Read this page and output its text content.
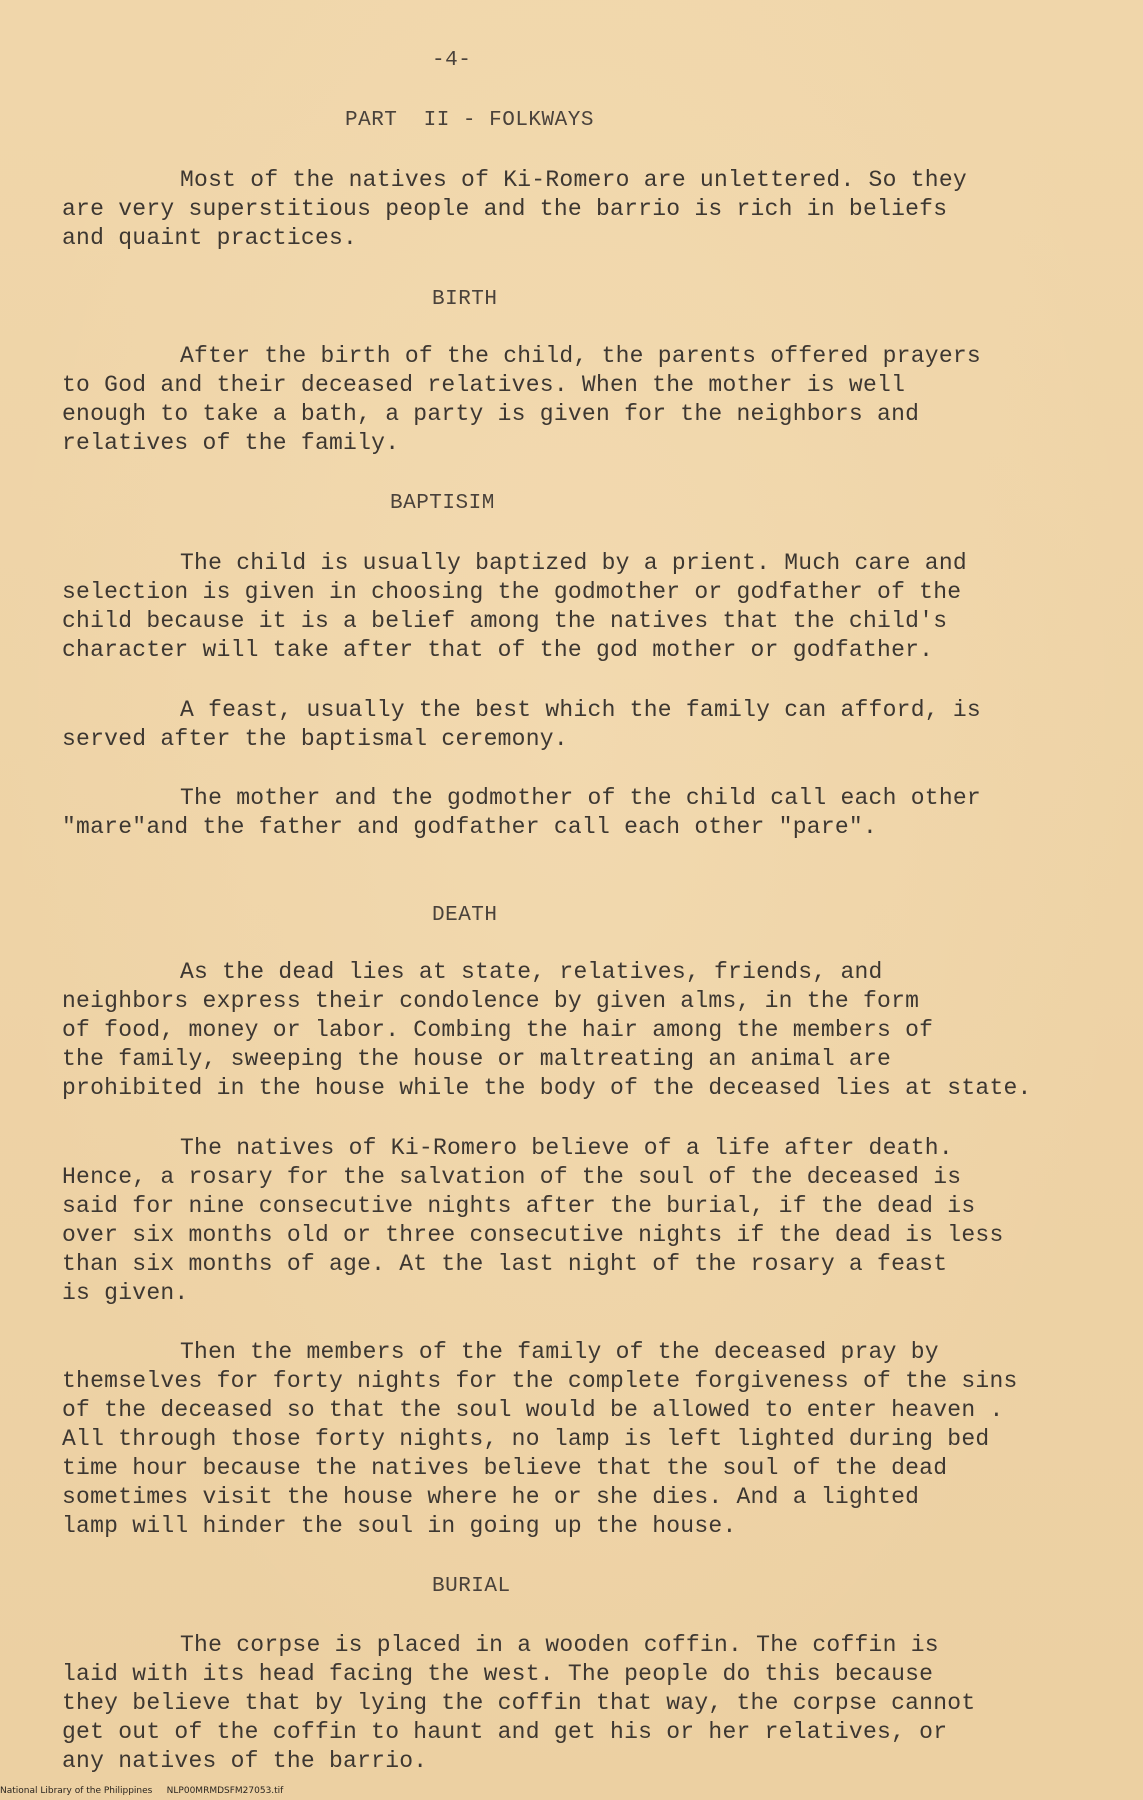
-4-
PART  II - FOLKWAYS
Most of the natives of Ki-Romero are unlettered. So they
are very superstitious people and the barrio is rich in beliefs
and quaint practices.
BIRTH
After the birth of the child, the parents offered prayers
to God and their deceased relatives. When the mother is well
enough to take a bath, a party is given for the neighbors and
relatives of the family.
BAPTISIM
The child is usually baptized by a prient. Much care and
selection is given in choosing the godmother or godfather of the
child because it is a belief among the natives that the child's
character will take after that of the god mother or godfather.
A feast, usually the best which the family can afford, is
served after the baptismal ceremony.
The mother and the godmother of the child call each other
"mare"and the father and godfather call each other "pare".
DEATH
As the dead lies at state, relatives, friends, and
neighbors express their condolence by given alms, in the form
of food, money or labor. Combing the hair among the members of
the family, sweeping the house or maltreating an animal are
prohibited in the house while the body of the deceased lies at state.
The natives of Ki-Romero believe of a life after death.
Hence, a rosary for the salvation of the soul of the deceased is
said for nine consecutive nights after the burial, if the dead is
over six months old or three consecutive nights if the dead is less
than six months of age. At the last night of the rosary a feast
is given.
Then the members of the family of the deceased pray by
themselves for forty nights for the complete forgiveness of the sins
of the deceased so that the soul would be allowed to enter heaven .
All through those forty nights, no lamp is left lighted during bed
time hour because the natives believe that the soul of the dead
sometimes visit the house where he or she dies. And a lighted
lamp will hinder the soul in going up the house.
BURIAL
The corpse is placed in a wooden coffin. The coffin is
laid with its head facing the west. The people do this because
they believe that by lying the coffin that way, the corpse cannot
get out of the coffin to haunt and get his or her relatives, or
any natives of the barrio.
National Library of the Philippines NLP00MRMDSFM27053.tif
